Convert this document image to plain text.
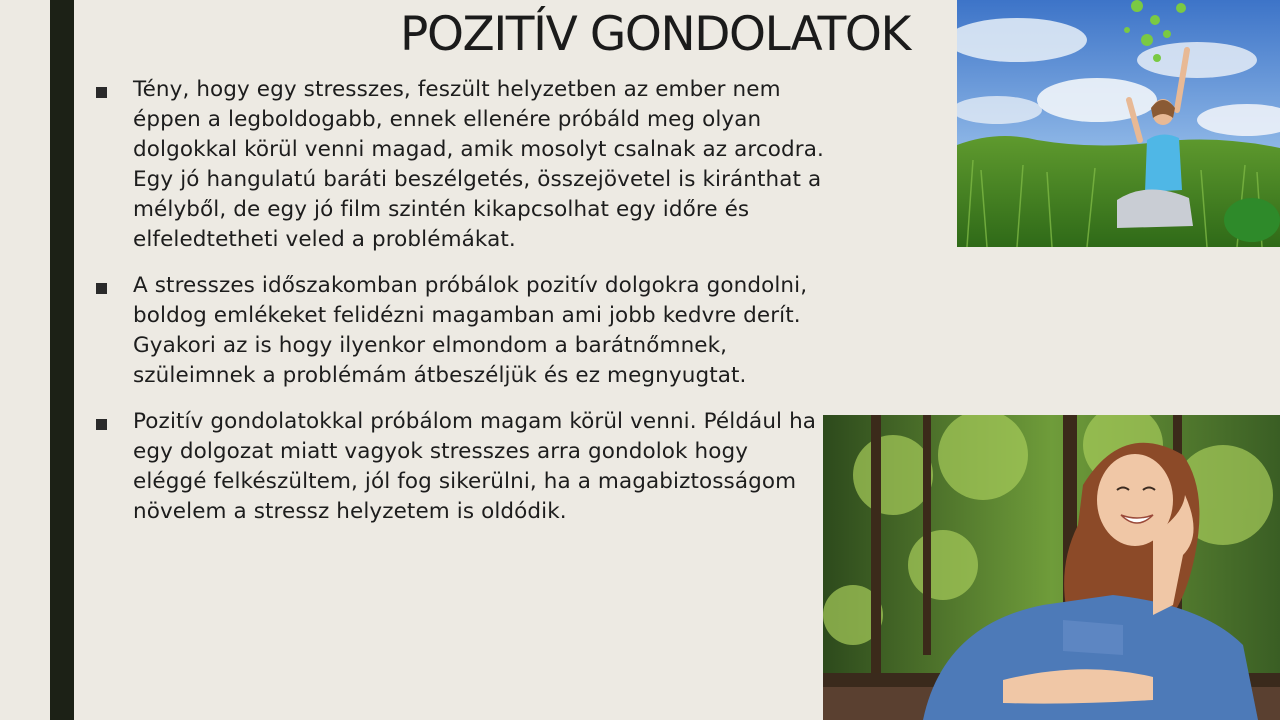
POZITÍV GONDOLATOK

Tény, hogy egy stresszes, feszült helyzetben az ember nem éppen a legboldogabb, ennek ellenére próbáld meg olyan dolgokkal körül venni magad, amik mosolyt csalnak az arcodra.

Egy jó hangulatú baráti beszélgetés, összejövetel is kiránthat a mélyből, de egy jó film szintén kikapcsolhat egy időre és elfeledtetheti veled a problémákat.

A stresszes időszakomban próbálok pozitív dolgokra gondolni, boldog emlékeket felidézni magamban ami jobb kedvre derít.

Gyakori az is hogy ilyenkor elmondom a barátnőmnek, szüleimnek a problémám átbeszéljük és ez megnyugtat.

Pozitív gondolatokkal próbálom magam körül venni. Például ha egy dolgozat miatt vagyok stresszes arra gondolok hogy eléggé felkészültem, jól fog sikerülni, ha a magabiztosságom növelem a stressz helyzetem is oldódik.
